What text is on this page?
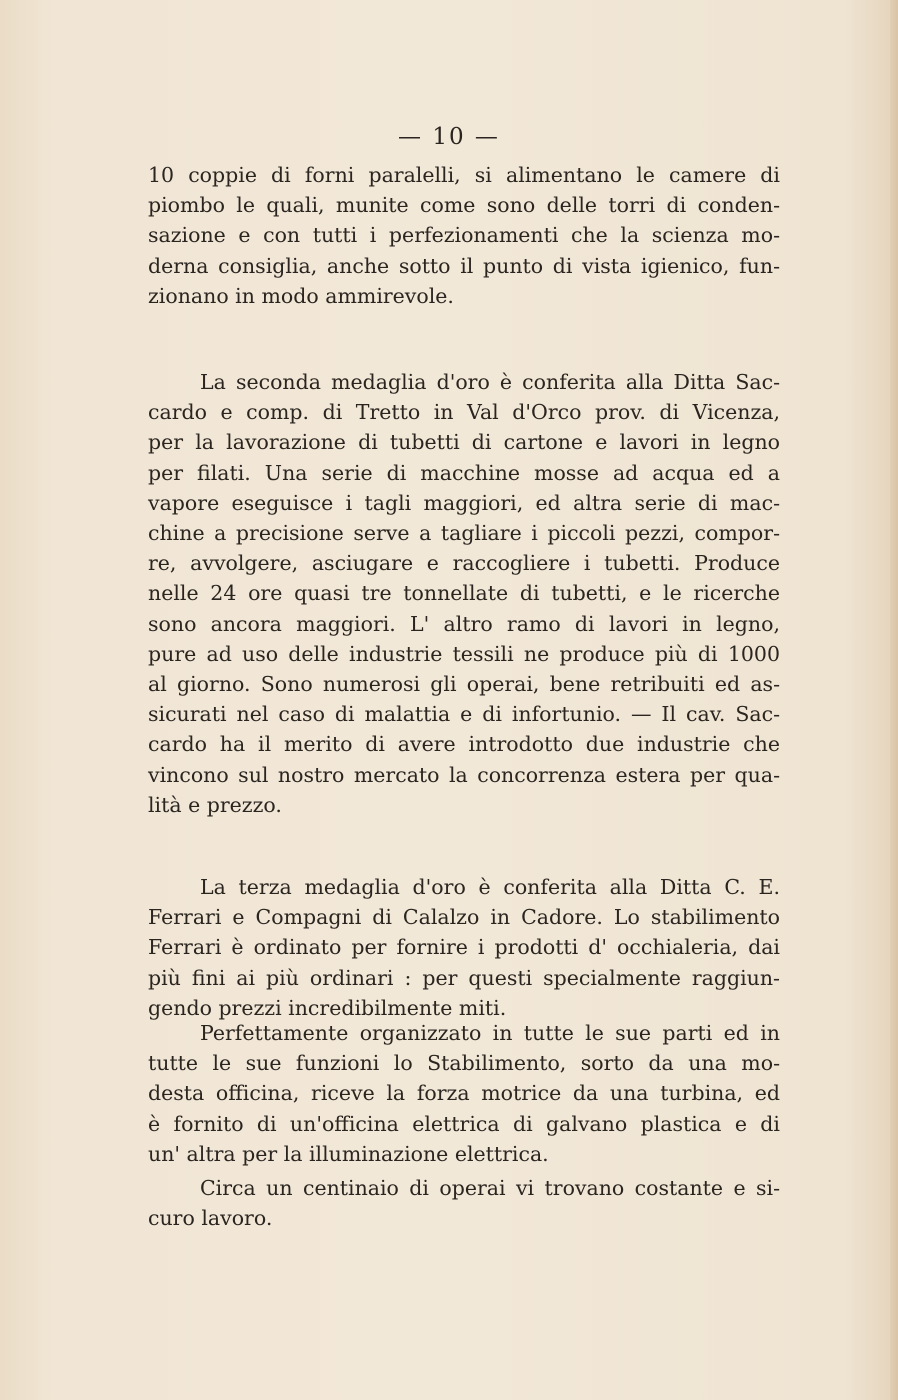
— 10 —
10 coppie di forni paralelli, si alimentano le camere di
piombo le quali, munite come sono delle torri di conden-
sazione e con tutti i perfezionamenti che la scienza mo-
derna consiglia, anche sotto il punto di vista igienico, fun-
zionano in modo ammirevole.
La seconda medaglia d'oro è conferita alla Ditta Sac-
cardo e comp. di Tretto in Val d'Orco prov. di Vicenza,
per la lavorazione di tubetti di cartone e lavori in legno
per filati. Una serie di macchine mosse ad acqua ed a
vapore eseguisce i tagli maggiori, ed altra serie di mac-
chine a precisione serve a tagliare i piccoli pezzi, compor-
re, avvolgere, asciugare e raccogliere i tubetti. Produce
nelle 24 ore quasi tre tonnellate di tubetti, e le ricerche
sono ancora maggiori. L' altro ramo di lavori in legno,
pure ad uso delle industrie tessili ne produce più di 1000
al giorno. Sono numerosi gli operai, bene retribuiti ed as-
sicurati nel caso di malattia e di infortunio. — Il cav. Sac-
cardo ha il merito di avere introdotto due industrie che
vincono sul nostro mercato la concorrenza estera per qua-
lità e prezzo.
La terza medaglia d'oro è conferita alla Ditta C. E.
Ferrari e Compagni di Calalzo in Cadore. Lo stabilimento
Ferrari è ordinato per fornire i prodotti d' occhialeria, dai
più fini ai più ordinari : per questi specialmente raggiun-
gendo prezzi incredibilmente miti.
Perfettamente organizzato in tutte le sue parti ed in
tutte le sue funzioni lo Stabilimento, sorto da una mo-
desta officina, riceve la forza motrice da una turbina, ed
è fornito di un'officina elettrica di galvano plastica e di
un' altra per la illuminazione elettrica.
Circa un centinaio di operai vi trovano costante e si-
curo lavoro.
